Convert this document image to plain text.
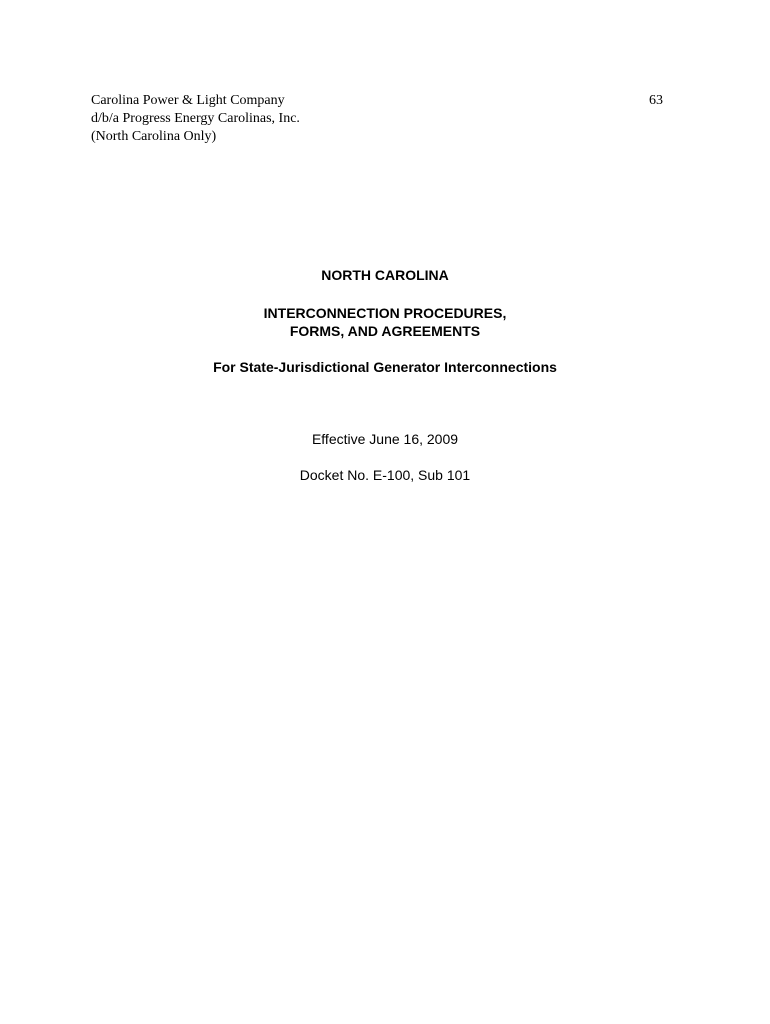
Carolina Power & Light Company
d/b/a Progress Energy Carolinas, Inc.
(North Carolina Only)
63
NORTH CAROLINA
INTERCONNECTION PROCEDURES,
FORMS, AND AGREEMENTS
For State-Jurisdictional Generator Interconnections
Effective June 16, 2009
Docket No. E-100, Sub 101
